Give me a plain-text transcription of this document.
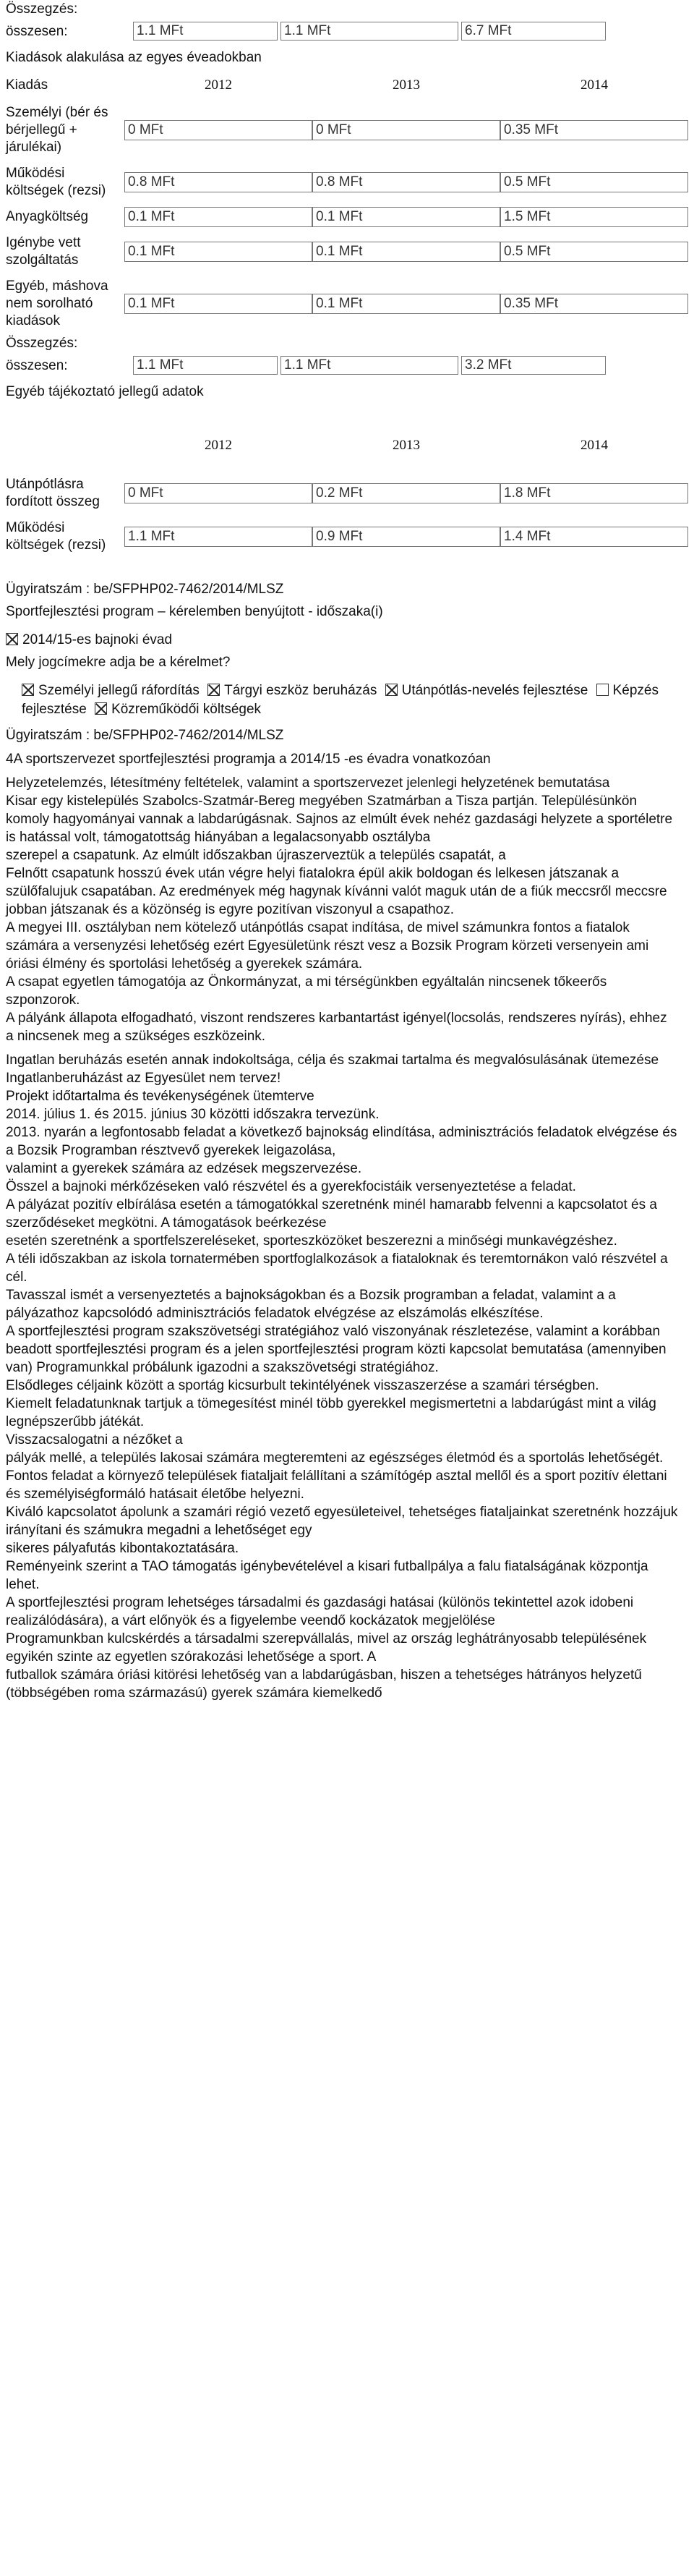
Összegzés:
összesen:	1.1 MFt	1.1 MFt	6.7 MFt
Kiadások alakulása az egyes éveadokban
Kiadás	2012	2013	2014
Személyi (bér és bérjellegű + járulékai)	0 MFt	0 MFt	0.35 MFt

Működési költségek (rezsi)	0.8 MFt	0.8 MFt	0.5 MFt

Anyagköltség	0.1 MFt	0.1 MFt	1.5 MFt

Igénybe vett szolgáltatás	0.1 MFt	0.1 MFt	0.5 MFt

Egyéb, máshova nem sorolható kiadások	0.1 MFt	0.1 MFt	0.35 MFt
Összegzés:
összesen:	1.1 MFt	1.1 MFt	3.2 MFt
Egyéb tájékoztató jellegű adatok
	2012	2013	2014
Utánpótlásra fordított összeg	0 MFt	0.2 MFt	1.8 MFt

Működési költségek (rezsi)	1.1 MFt	0.9 MFt	1.4 MFt
Ügyiratszám : be/SFPHP02-7462/2014/MLSZ
Sportfejlesztési program – kérelemben benyújtott - időszaka(i)
2014/15-es bajnoki évad
Mely jogcímekre adja be a kérelmet?
Személyi jellegű ráfordítás Tárgyi eszköz beruházás Utánpótlás-nevelés fejlesztése Képzés fejlesztése Közreműködői költségek
Ügyiratszám : be/SFPHP02-7462/2014/MLSZ

4A sportszervezet sportfejlesztési programja a 2014/15 -es évadra vonatkozóan

Helyzetelemzés, létesítmény feltételek, valamint a sportszervezet jelenlegi helyzetének bemutatása

Kisar egy kistelepülés Szabolcs-Szatmár-Bereg megyében Szatmárban a Tisza partján. Településünkön komoly hagyományai vannak a labdarúgásnak. Sajnos az elmúlt évek nehéz gazdasági helyzete a sportéletre is hatással volt, támogatottság hiányában a legalacsonyabb osztályba

szerepel a csapatunk. Az elmúlt időszakban újraszerveztük a település csapatát, a

Felnőtt csapatunk hosszú évek után végre helyi fiatalokra épül akik boldogan és lelkesen játszanak a szülőfalujuk csapatában. Az eredmények még hagynak kívánni valót maguk után de a fiúk meccsről meccsre jobban játszanak és a közönség is egyre pozitívan viszonyul a csapathoz.

A megyei III. osztályban nem kötelező utánpótlás csapat indítása, de mivel számunkra fontos a fiatalok számára a versenyzési lehetőség ezért Egyesületünk részt vesz a Bozsik Program körzeti versenyein ami óriási élmény és sportolási lehetőség a gyerekek számára.

A csapat egyetlen támogatója az Önkormányzat, a mi térségünkben egyáltalán nincsenek tőkeerős szponzorok.

A pályánk állapota elfogadható, viszont rendszeres karbantartást igényel(locsolás, rendszeres nyírás), ehhez a nincsenek meg a szükséges eszközeink.

Ingatlan beruházás esetén annak indokoltsága, célja és szakmai tartalma és megvalósulásának ütemezése

Ingatlanberuházást az Egyesület nem tervez!

Projekt időtartalma és tevékenységének ütemterve

2014. július 1. és 2015. június 30 közötti időszakra tervezünk.

2013. nyarán a legfontosabb feladat a következő bajnokság elindítása, adminisztrációs feladatok elvégzése és a Bozsik Programban résztvevő gyerekek leigazolása,

valamint a gyerekek számára az edzések megszervezése.

Összel a bajnoki mérkőzéseken való részvétel és a gyerekfocistáik versenyeztetése a feladat.

A pályázat pozitív elbírálása esetén a támogatókkal szeretnénk minél hamarabb felvenni a kapcsolatot és a szerződéseket megkötni. A támogatások beérkezése

esetén szeretnénk a sportfelszereléseket, sporteszközöket beszerezni a minőségi munkavégzéshez.

A téli időszakban az iskola tornatermében sportfoglalkozások a fiataloknak és teremtornákon való részvétel a cél.

Tavasszal ismét a versenyeztetés a bajnokságokban és a Bozsik programban a feladat, valamint a a pályázathoz kapcsolódó adminisztrációs feladatok elvégzése az elszámolás elkészítése.

A sportfejlesztési program szakszövetségi stratégiához való viszonyának részletezése, valamint a korábban beadott sportfejlesztési program és a jelen sportfejlesztési program közti kapcsolat bemutatása (amennyiben van) Programunkkal próbálunk igazodni a szakszövetségi stratégiához.

Elsődleges céljaink között a sportág kicsurbult tekintélyének visszaszerzése a szamári térségben.

Kiemelt feladatunknak tartjuk a tömegesítést minél több gyerekkel megismertetni a labdarúgást mint a világ legnépszerűbb játékát.

Visszacsalogatni a nézőket a

pályák mellé, a település lakosai számára megteremteni az egészséges életmód és a sportolás lehetőségét.

Fontos feladat a környező települések fiataljait felállítani a számítógép asztal mellől és a sport pozitív élettani és személyiségformáló hatásait életőbe helyezni.

Kiváló kapcsolatot ápolunk a szamári régió vezető egyesületeivel, tehetséges fiataljainkat szeretnénk hozzájuk irányítani és számukra megadni a lehetőséget egy

sikeres pályafutás kibontakoztatására.

Reményeink szerint a TAO támogatás igénybevételével a kisari futballpálya a falu fiatalságának központja lehet.

A sportfejlesztési program lehetséges társadalmi és gazdasági hatásai (különös tekintettel azok idobeni realizálódására), a várt előnyök és a figyelembe veendő kockázatok megjelölése

Programunkban kulcskérdés a társadalmi szerepvállalás, mivel az ország leghátrányosabb településének egyikén szinte az egyetlen szórakozási lehetősége a sport. A

futballok számára óriási kitörési lehetőség van a labdarúgásban, hiszen a tehetséges hátrányos helyzetű (többségében roma származású) gyerek számára kiemelkedő
